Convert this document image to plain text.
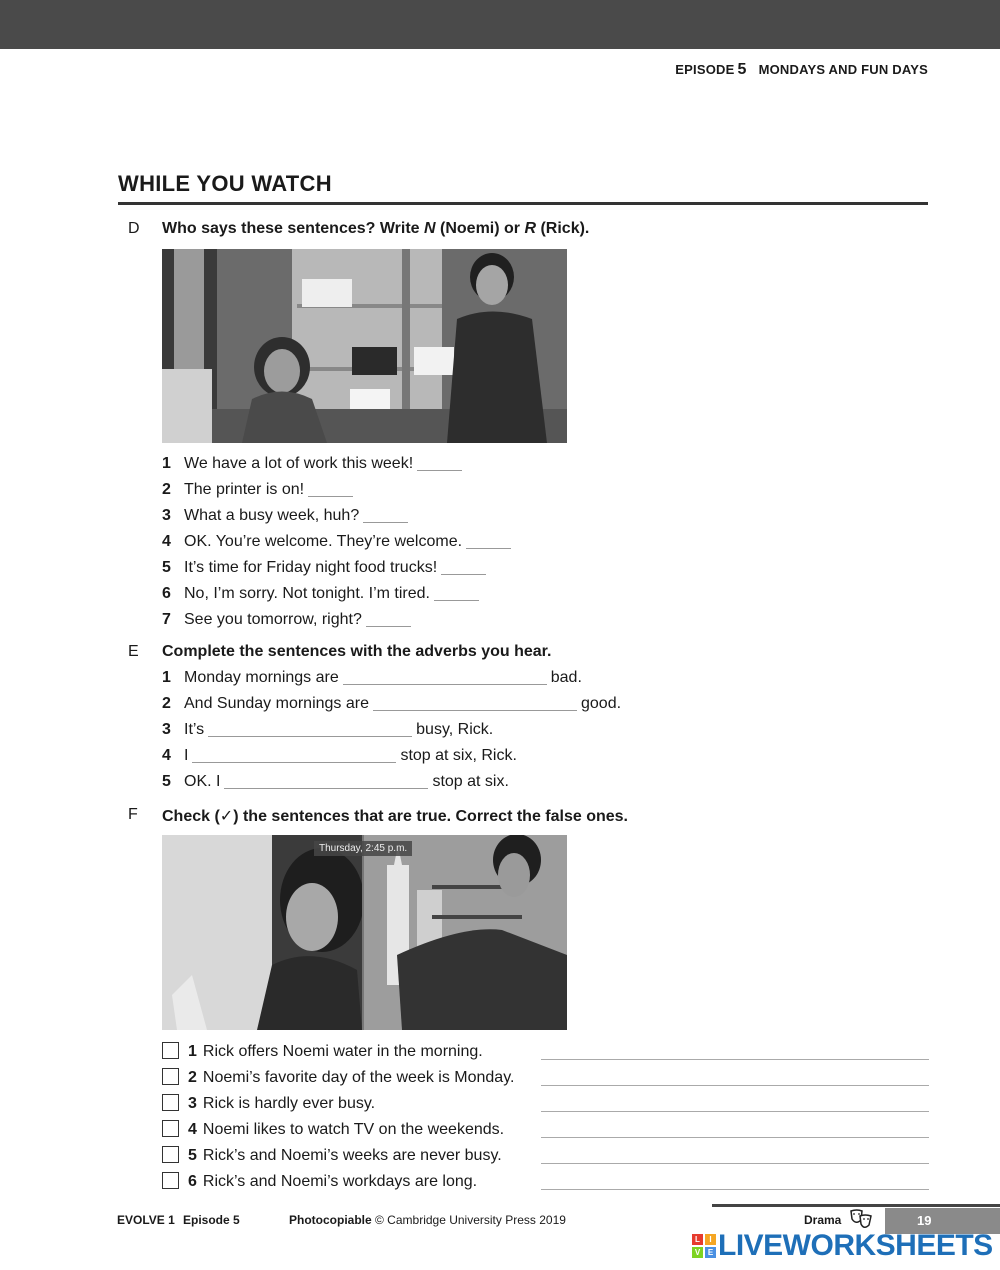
EPISODE 5 MONDAYS AND FUN DAYS
WHILE YOU WATCH
D Who says these sentences? Write N (Noemi) or R (Rick).
1 We have a lot of work this week!
2 The printer is on!
3 What a busy week, huh?
4 OK. You’re welcome. They’re welcome.
5 It’s time for Friday night food trucks!
6 No, I’m sorry. Not tonight. I’m tired.
7 See you tomorrow, right?
E Complete the sentences with the adverbs you hear.
1 Monday mornings are	bad.
2 And Sunday mornings are	good.
3 It’s	busy, Rick.
4 I	stop at six, Rick.
5 OK. I	stop at six.
F Check (✓) the sentences that are true. Correct the false ones.
Thursday, 2:45 p.m.
1 Rick offers Noemi water in the morning.
2 Noemi’s favorite day of the week is Monday.
3 Rick is hardly ever busy.
4 Noemi likes to watch TV on the weekends.
5 Rick’s and Noemi’s weeks are never busy.
6 Rick’s and Noemi’s workdays are long.
EVOLVE 1 Episode 5	Photocopiable © Cambridge University Press 2019	19
Drama
L	I
V E LIVEWORKSHEETS
